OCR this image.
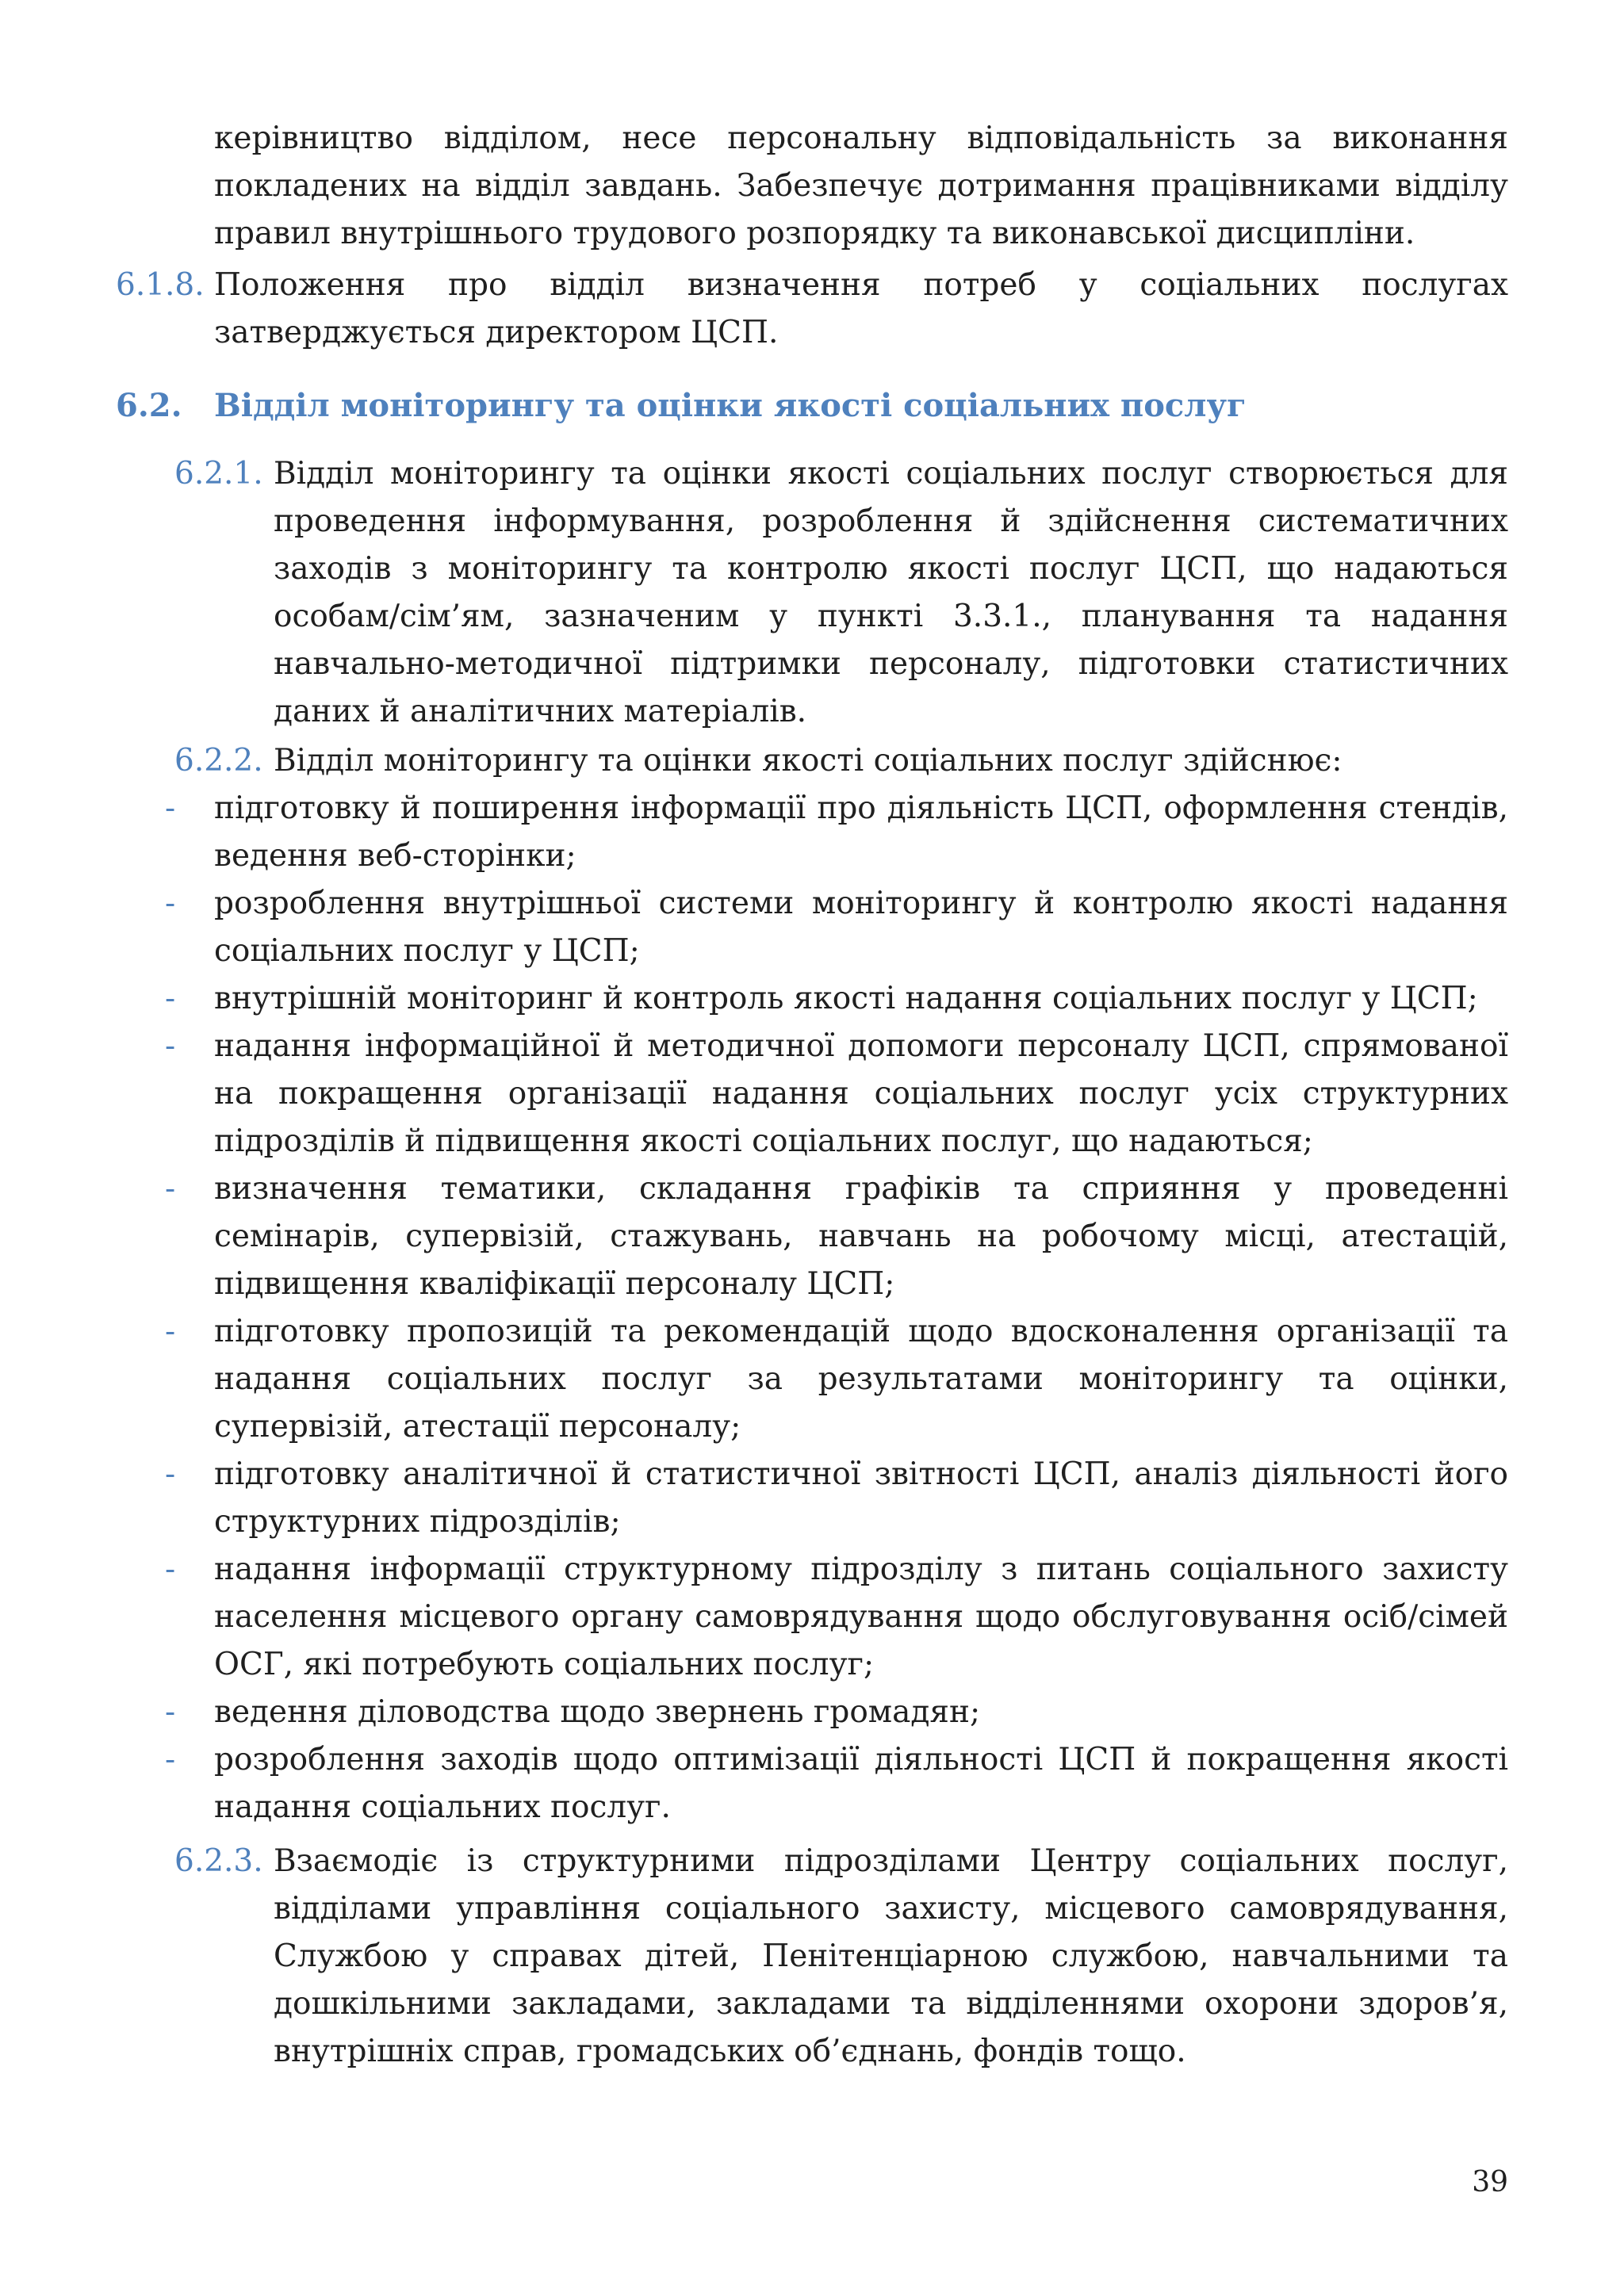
керівництво відділом, несе персональну відповідальність за виконання покладених на відділ завдань. Забезпечує дотримання працівниками відділу правил внутрішнього трудового розпорядку та виконавської дисципліни.

6.1.8. Положення про відділ визначення потреб у соціальних послугах затверджується директором ЦСП.

6.2. Відділ моніторингу та оцінки якості соціальних послуг
6.2.1. Відділ моніторингу та оцінки якості соціальних послуг створюється для проведення інформування, розроблення й здійснення систематичних заходів з моніторингу та контролю якості послуг ЦСП, що надаються особам/сім’ям, зазначеним у пункті 3.3.1., планування та надання навчально-методичної підтримки персоналу, підготовки статистичних даних й аналітичних матеріалів.

6.2.2. Відділ моніторингу та оцінки якості соціальних послуг здійснює:

- підготовку й поширення інформації про діяльність ЦСП, оформлення стендів, ведення веб-сторінки;
- розроблення внутрішньої системи моніторингу й контролю якості надання соціальних послуг у ЦСП;
- внутрішній моніторинг й контроль якості надання соціальних послуг у ЦСП;
- надання інформаційної й методичної допомоги персоналу ЦСП, спрямованої на покращення організації надання соціальних послуг усіх структурних підрозділів й підвищення якості соціальних послуг, що надаються;
- визначення тематики, складання графіків та сприяння у проведенні семінарів, супервізій, стажувань, навчань на робочому місці, атестацій, підвищення кваліфікації персоналу ЦСП;
- підготовку пропозицій та рекомендацій щодо вдосконалення організації та надання соціальних послуг за результатами моніторингу та оцінки, супервізій, атестації персоналу;
- підготовку аналітичної й статистичної звітності ЦСП, аналіз діяльності його структурних підрозділів;
- надання інформації структурному підрозділу з питань соціального захисту населення місцевого органу самоврядування щодо обслуговування осіб/сімей ОСГ, які потребують соціальних послуг;
- ведення діловодства щодо звернень громадян;
- розроблення заходів щодо оптимізації діяльності ЦСП й покращення якості надання соціальних послуг.
6.2.3. Взаємодіє із структурними підрозділами Центру соціальних послуг, відділами управління соціального захисту, місцевого самоврядування, Службою у справах дітей, Пенітенціарною службою, навчальними та дошкільними закладами, закладами та відділеннями охорони здоров’я, внутрішніх справ, громадських об’єднань, фондів тощо.

39
